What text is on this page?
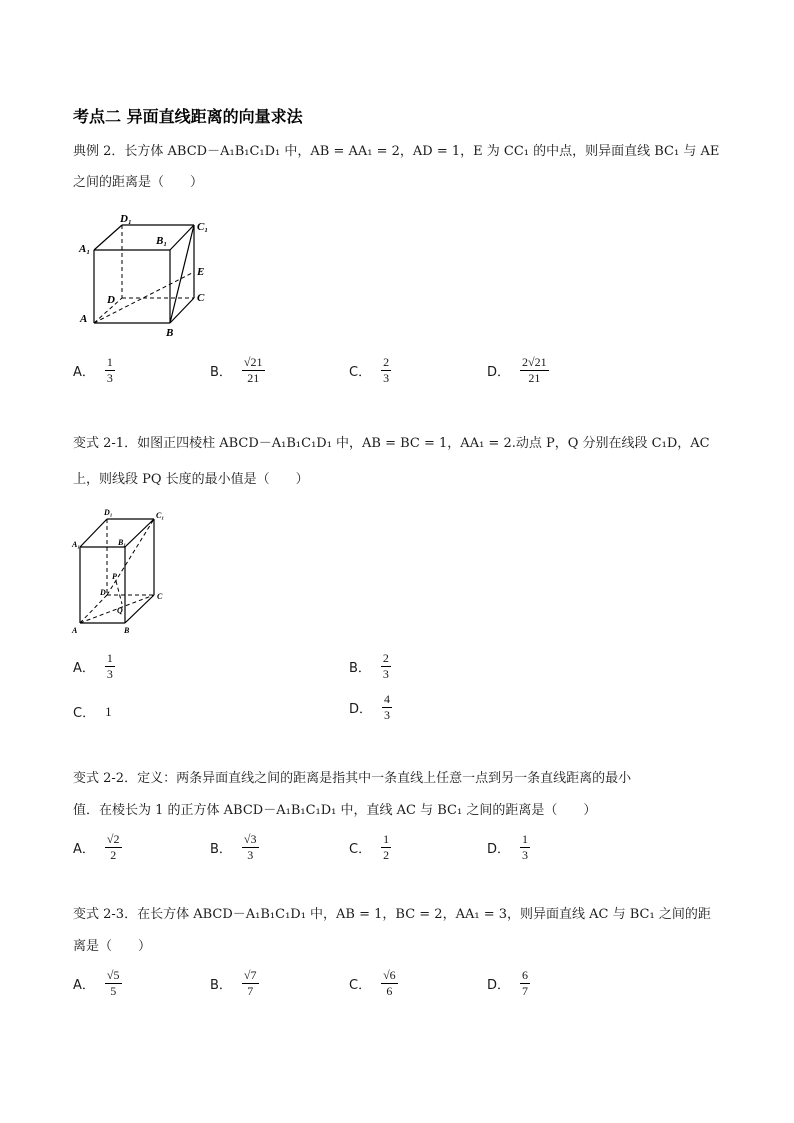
考点二 异面直线距离的向量求法
典例 2．长方体 ABCD－A₁B₁C₁D₁ 中，AB = AA₁ = 2，AD = 1，E 为 CC₁ 的中点，则异面直线 BC₁ 与 AE
之间的距离是（　　）
D₁
C₁
A₁
B₁
E
C
D
A
B
A． $\frac{1}{3}$	B． $\frac{√21}{21}$	C． $\frac{2}{3}$	D． $\frac{2√21}{21}$
变式 2-1．如图正四棱柱 ABCD－A₁B₁C₁D₁ 中，AB = BC = 1，AA₁ = 2.动点 P，Q 分别在线段 C₁D，AC
上，则线段 PQ 长度的最小值是（　　）
D₁	C₁
A₁	B₁
P
D
Q
C
A	B
A． $\frac{1}{3}$	B． $\frac{2}{3}$
C． 1	D． $\frac{4}{3}$
变式 2-2．定义：两条异面直线之间的距离是指其中一条直线上任意一点到另一条直线距离的最小
值．在棱长为 1 的正方体 ABCD－A₁B₁C₁D₁ 中，直线 AC 与 BC₁ 之间的距离是（　　）
A． $\frac{√2}{2}$	B． $\frac{√3}{3}$	C． $\frac{1}{2}$	D． $\frac{1}{3}$
变式 2-3．在长方体 ABCD－A₁B₁C₁D₁ 中，AB = 1，BC = 2，AA₁ = 3，则异面直线 AC 与 BC₁ 之间的距
离是（　　）
A． $\frac{√5}{5}$	B． $\frac{√7}{7}$	C． $\frac{√6}{6}$	D． $\frac{6}{7}$
